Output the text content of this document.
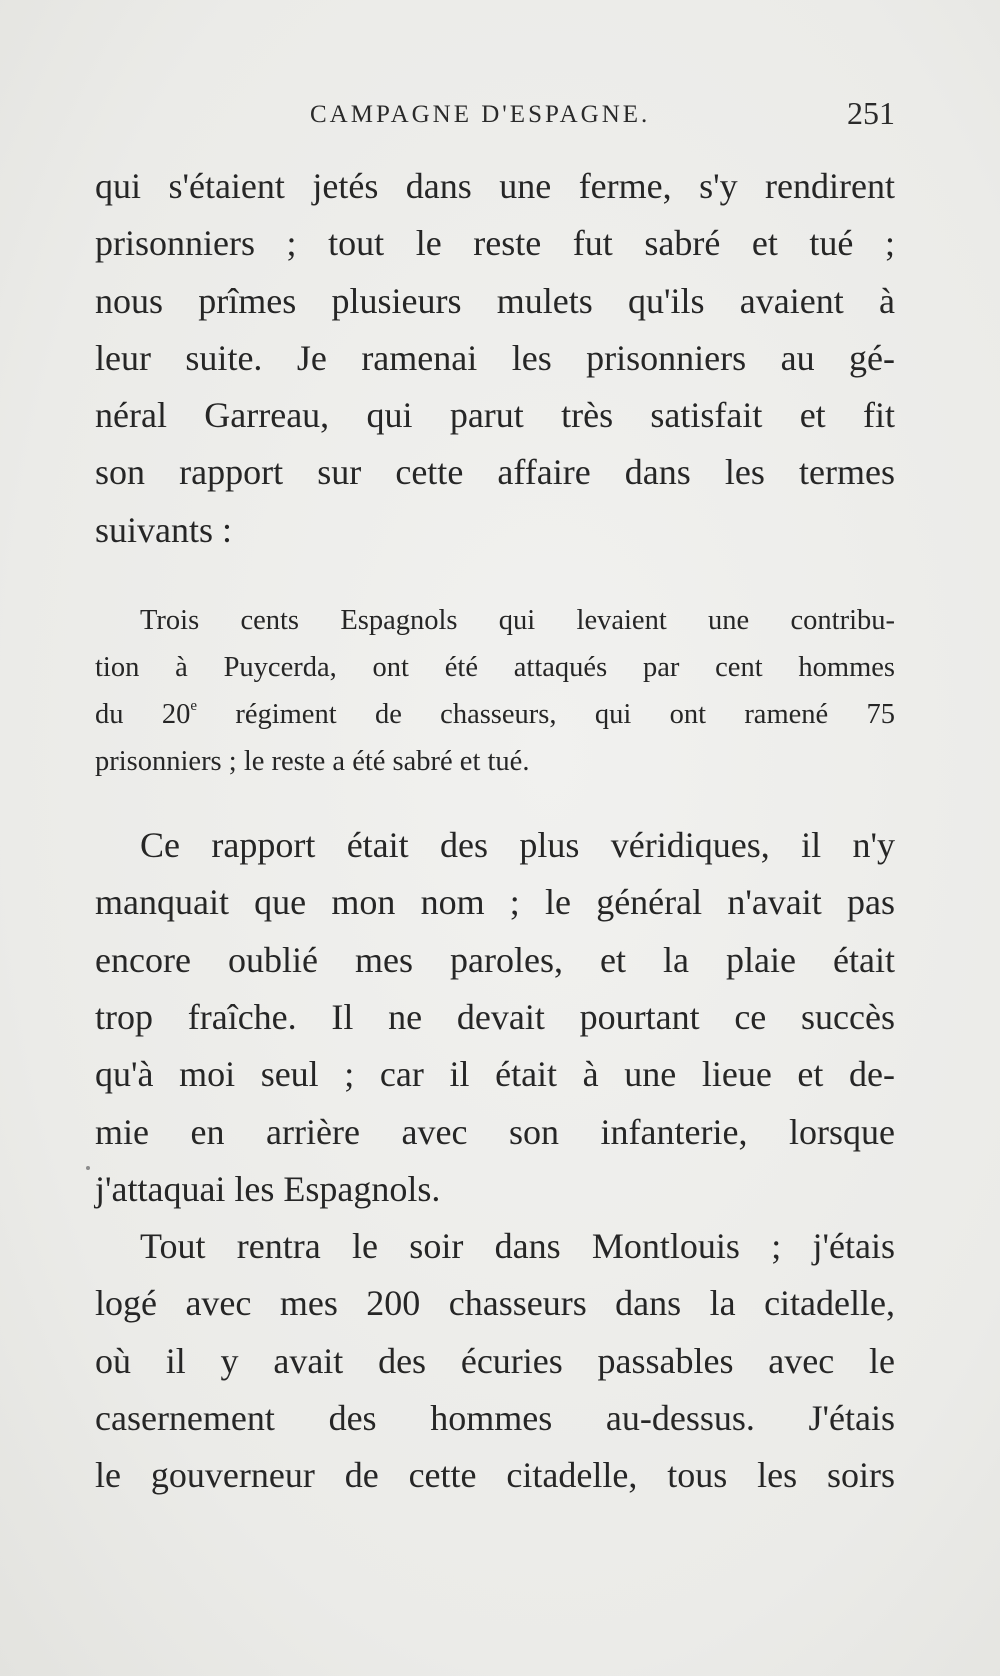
CAMPAGNE D'ESPAGNE.	251
qui s'étaient jetés dans une ferme, s'y rendirent
prisonniers ; tout le reste fut sabré et tué ;
nous prîmes plusieurs mulets qu'ils avaient à
leur suite. Je ramenai les prisonniers au gé-
néral Garreau, qui parut très satisfait et fit
son rapport sur cette affaire dans les termes
suivants :
Trois cents Espagnols qui levaient une contribu-
tion à Puycerda, ont été attaqués par cent hommes
du 20e régiment de chasseurs, qui ont ramené 75
prisonniers ; le reste a été sabré et tué.
Ce rapport était des plus véridiques, il n'y
manquait que mon nom ; le général n'avait pas
encore oublié mes paroles, et la plaie était
trop fraîche. Il ne devait pourtant ce succès
qu'à moi seul ; car il était à une lieue et de-
mie en arrière avec son infanterie, lorsque
j'attaquai les Espagnols.
Tout rentra le soir dans Montlouis ; j'étais
logé avec mes 200 chasseurs dans la citadelle,
où il y avait des écuries passables avec le
casernement des hommes au-dessus. J'étais
le gouverneur de cette citadelle, tous les soirs
